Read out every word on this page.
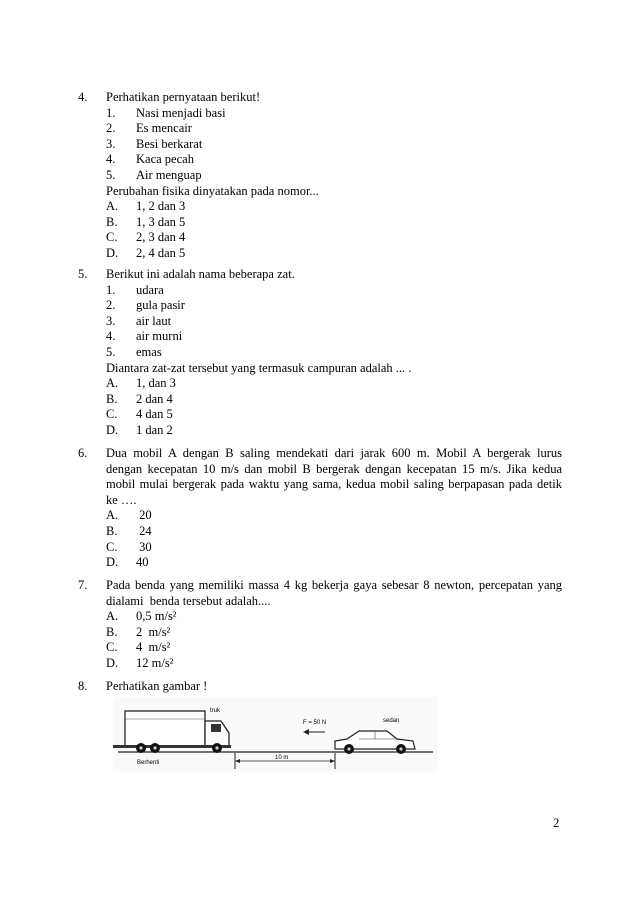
4. Perhatikan pernyataan berikut!
1.	Nasi menjadi basi
2.	Es mencair
3.	Besi berkarat
4.	Kaca pecah
5.	Air menguap
Perubahan fisika dinyatakan pada nomor...
A.	1, 2 dan 3
B.	1, 3 dan 5
C.	2, 3 dan 4
D.	2, 4 dan 5
5. Berikut ini adalah nama beberapa zat.
1.	udara
2.	gula pasir
3.	air laut
4.	air murni
5.	emas
Diantara zat-zat tersebut yang termasuk campuran adalah ... .
A.	1, dan 3
B.	2 dan 4
C.	4 dan 5
D.	1 dan 2
6. Dua mobil A dengan B saling mendekati dari jarak 600 m. Mobil A bergerak lurus
dengan kecepatan 10 m/s dan mobil B bergerak dengan kecepatan 15 m/s. Jika kedua
mobil mulai bergerak pada waktu yang sama, kedua mobil saling berpapasan pada detik
ke ….
A.	20
B.	24
C.	30
D.	40
7. Pada benda yang memiliki massa 4 kg bekerja gaya sebesar 8 newton, percepatan yang
dialami  benda tersebut adalah....
A.	0,5 m/s²
B.	2  m/s²
C.	4  m/s²
D.	12 m/s²
8. Perhatikan gambar !
truk
F = 50 N	sedan
10 m
Berhenti
2
